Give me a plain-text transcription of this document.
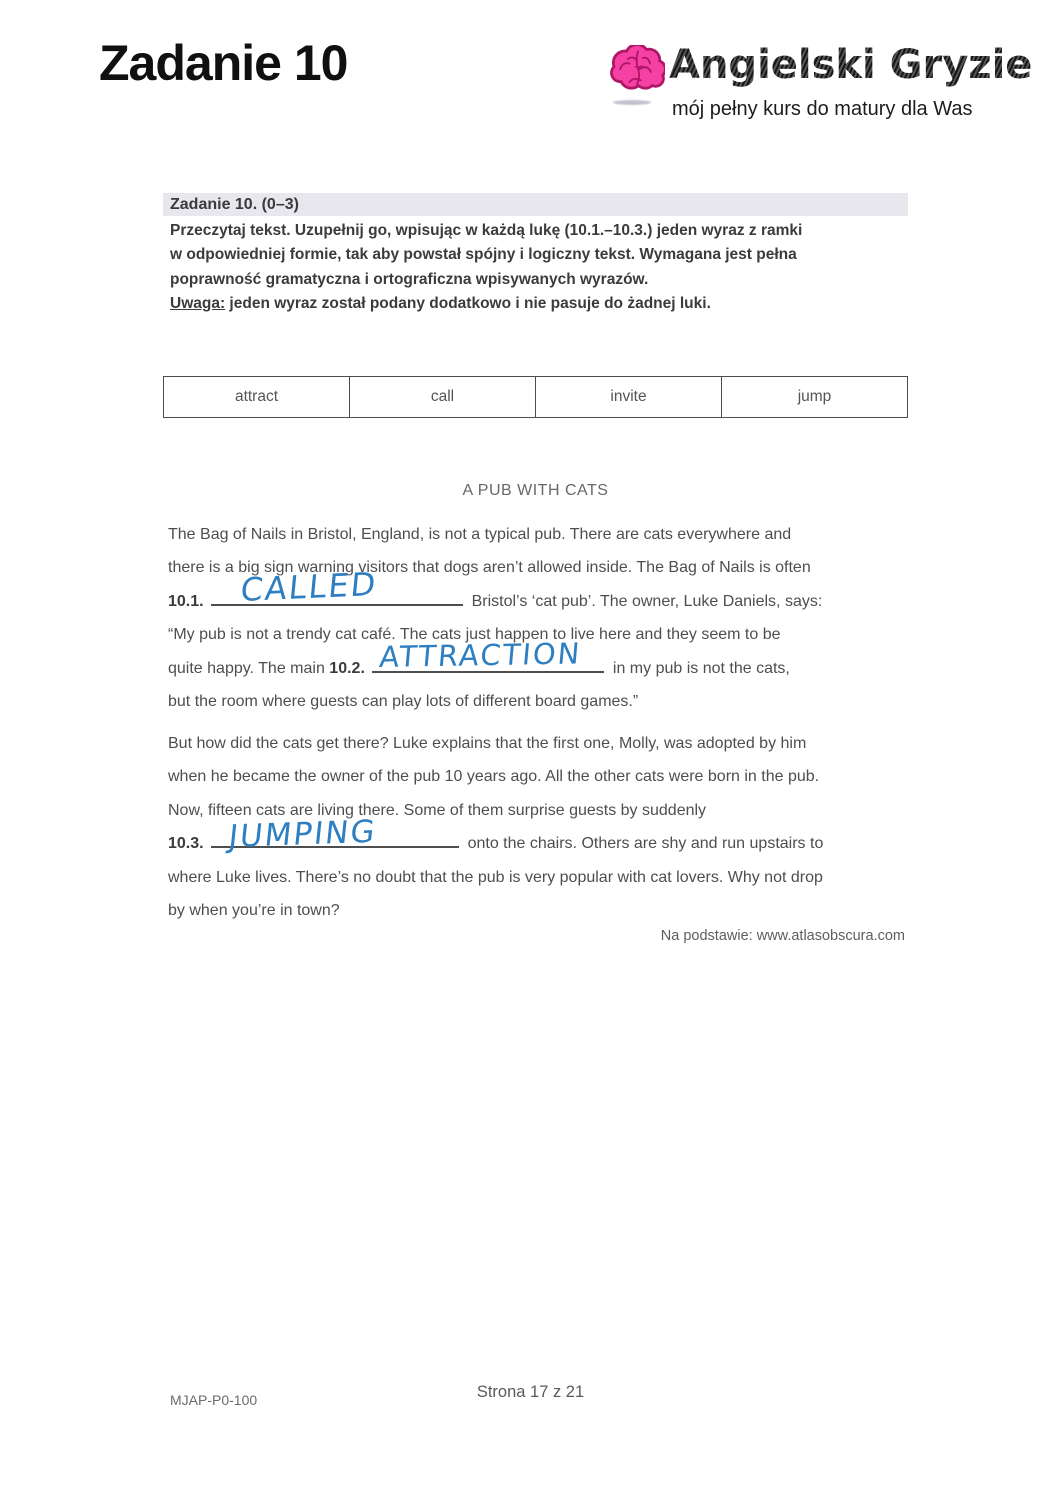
Zadanie 10	Angielski Gryzie
mój pełny kurs do matury dla Was
Zadanie 10. (0–3)
Przeczytaj tekst. Uzupełnij go, wpisując w każdą lukę (10.1.–10.3.) jeden wyraz z ramki
w odpowiedniej formie, tak aby powstał spójny i logiczny tekst. Wymagana jest pełna
poprawność gramatyczna i ortograficzna wpisywanych wyrazów.
Uwaga: jeden wyraz został podany dodatkowo i nie pasuje do żadnej luki.
attract	call	invite	jump
A PUB WITH CATS
The Bag of Nails in Bristol, England, is not a typical pub. There are cats everywhere and
there is a big sign warning visitors that dogs aren’t allowed inside. The Bag of Nails is often
10.1. CALLED	Bristol’s ‘cat pub’. The owner, Luke Daniels, says:
“My pub is not a trendy cat café. The cats just happen to live here and they seem to be
quite happy. The main 10.2. ATTRACTION in my pub is not the cats,
but the room where guests can play lots of different board games.”
But how did the cats get there? Luke explains that the first one, Molly, was adopted by him
when he became the owner of the pub 10 years ago. All the other cats were born in the pub.
Now, fifteen cats are living there. Some of them surprise guests by suddenly
10.3. JUMPING	onto the chairs. Others are shy and run upstairs to
where Luke lives. There’s no doubt that the pub is very popular with cat lovers. Why not drop
by when you’re in town?
Na podstawie: www.atlasobscura.com
MJAP-P0-100	Strona 17 z 21
